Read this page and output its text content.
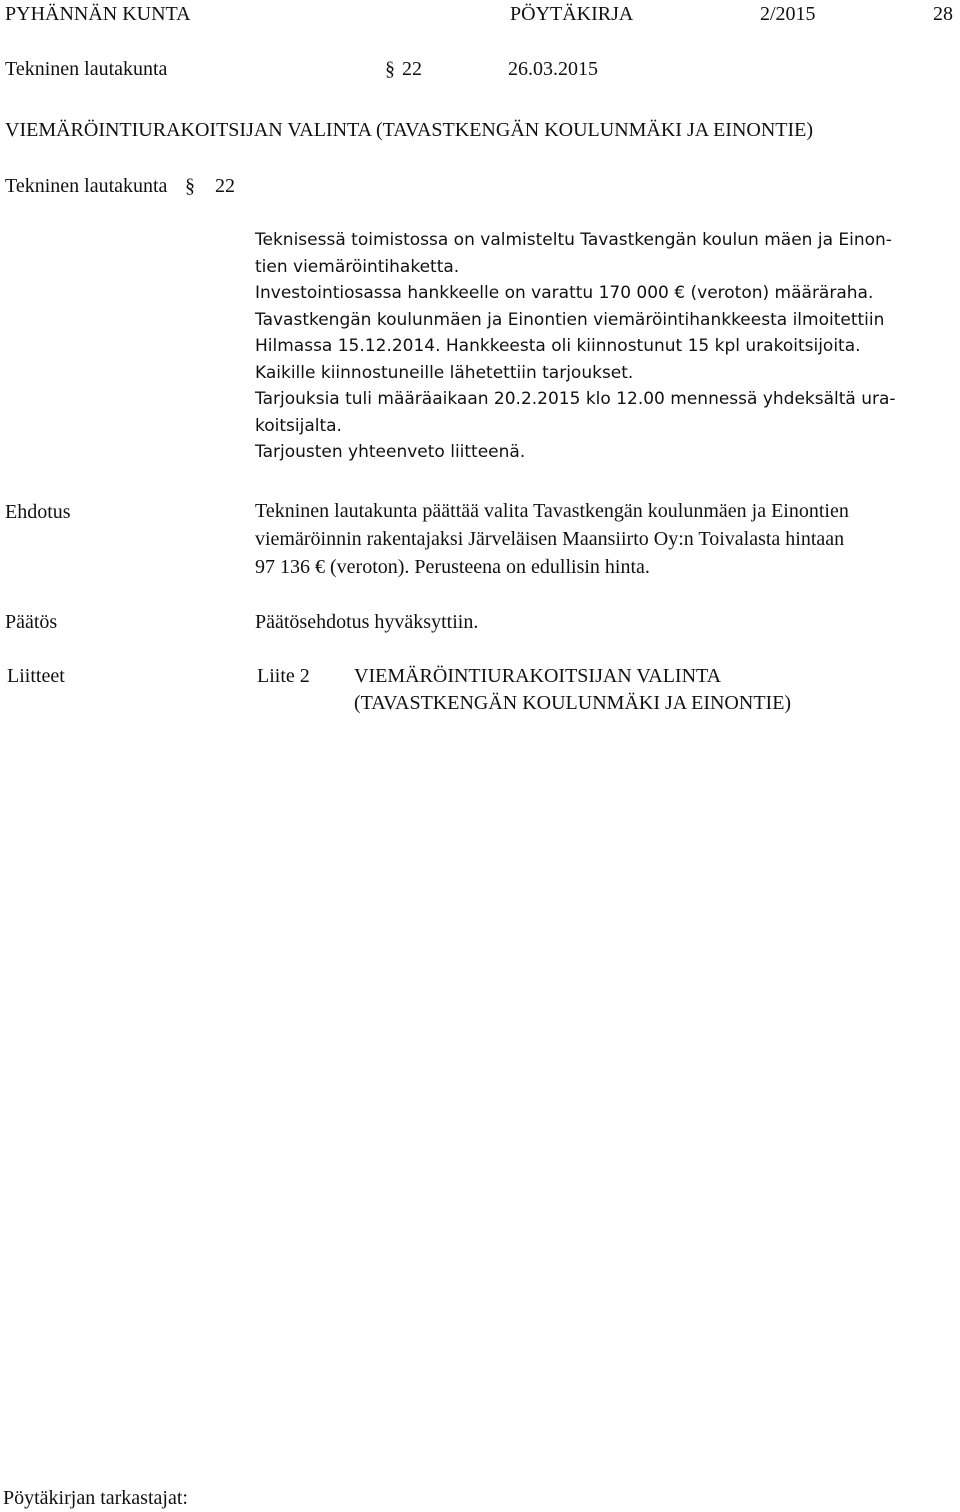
PYHÄNNÄN KUNTA	PÖYTÄKIRJA	2/2015	28
Tekninen lautakunta	§ 22	26.03.2015
VIEMÄRÖINTIURAKOITSIJAN VALINTA (TAVASTKENGÄN KOULUNMÄKI JA EINONTIE)
Tekninen lautakunta § 22
Teknisessä toimistossa on valmisteltu Tavastkengän koulun mäen ja Einon-
tien viemäröintihaketta.
Investointiosassa hankkeelle on varattu 170 000 € (veroton) määräraha.
Tavastkengän koulunmäen ja Einontien viemäröintihankkeesta ilmoitettiin
Hilmassa 15.12.2014. Hankkeesta oli kiinnostunut 15 kpl urakoitsijoita.
Kaikille kiinnostuneille lähetettiin tarjoukset.
Tarjouksia tuli määräaikaan 20.2.2015 klo 12.00 mennessä yhdeksältä ura-
koitsijalta.
Tarjousten yhteenveto liitteenä.
Ehdotus	Tekninen lautakunta päättää valita Tavastkengän koulunmäen ja Einontien
viemäröinnin rakentajaksi Järveläisen Maansiirto Oy:n Toivalasta hintaan
97 136 € (veroton). Perusteena on edullisin hinta.
Päätös	Päätösehdotus hyväksyttiin.
Liitteet	Liite 2 VIEMÄRÖINTIURAKOITSIJAN VALINTA
(TAVASTKENGÄN KOULUNMÄKI JA EINONTIE)
Pöytäkirjan tarkastajat:
